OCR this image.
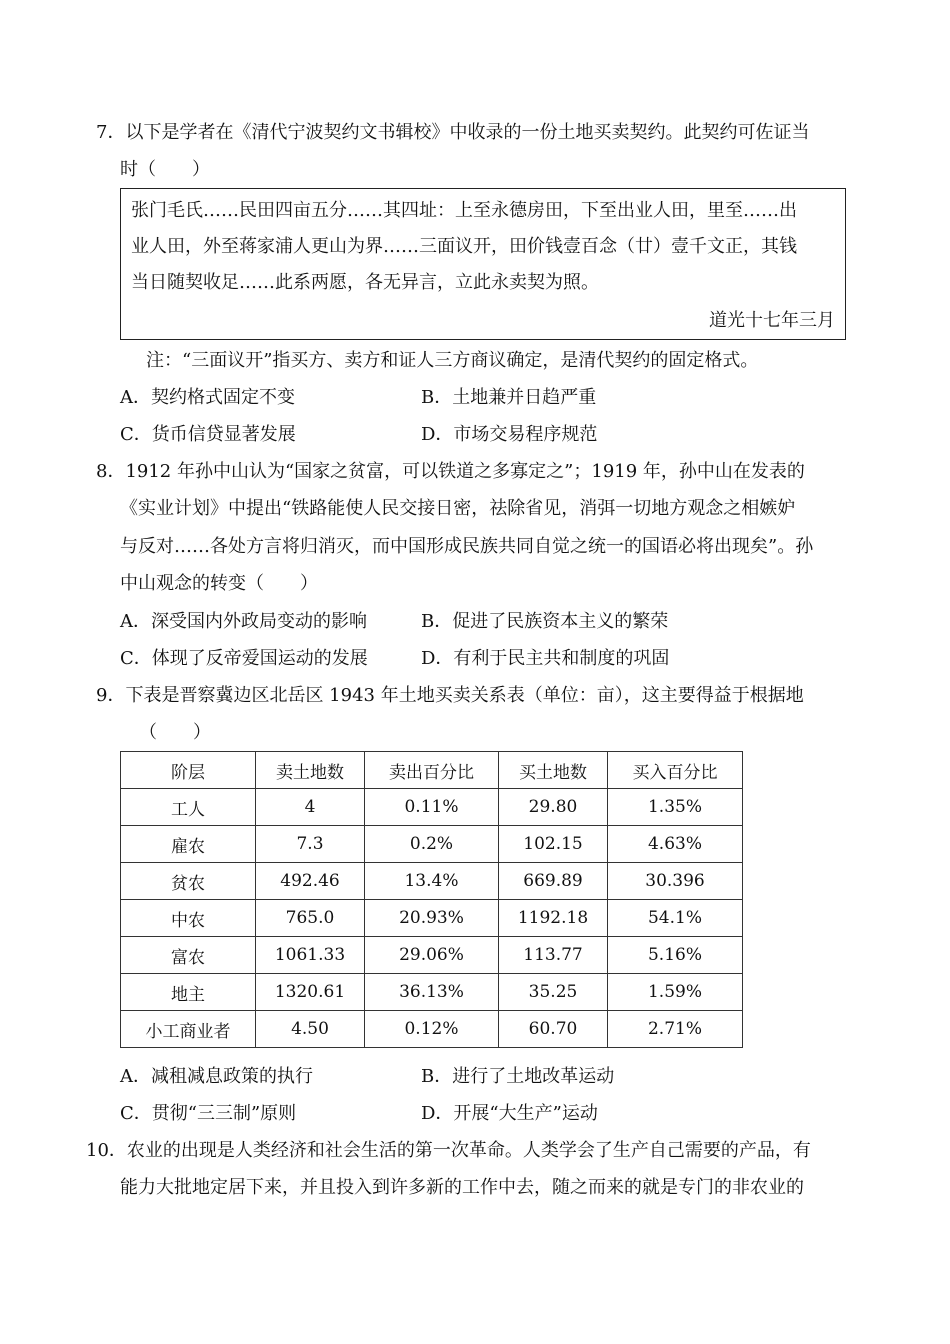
7．以下是学者在《清代宁波契约文书辑校》中收录的一份土地买卖契约。此契约可佐证当
时（　　）
张门毛氏……民田四亩五分……其四址：上至永德房田，下至出业人田，里至……出
业人田，外至蒋家浦人更山为界……三面议开，田价钱壹百念（廿）壹千文正，其钱
当日随契收足……此系两愿，各无异言，立此永卖契为照。
道光十七年三月
注：“三面议开”指买方、卖方和证人三方商议确定，是清代契约的固定格式。
A．契约格式固定不变	B．土地兼并日趋严重
C．货币信贷显著发展	D．市场交易程序规范
8．1912 年孙中山认为“国家之贫富，可以铁道之多寡定之”；1919 年，孙中山在发表的
《实业计划》中提出“铁路能使人民交接日密，祛除省见，消弭一切地方观念之相嫉妒
与反对……各处方言将归消灭，而中国形成民族共同自觉之统一的国语必将出现矣”。孙
中山观念的转变（　　）
A．深受国内外政局变动的影响	B．促进了民族资本主义的繁荣
C．体现了反帝爱国运动的发展	D．有利于民主共和制度的巩固
9．下表是晋察冀边区北岳区 1943 年土地买卖关系表（单位：亩），这主要得益于根据地
（　　）
阶层	卖土地数	卖出百分比	买土地数	买入百分比
工人	4	0.11%	29.80	1.35%
雇农	7.3	0.2%	102.15	4.63%
贫农	492.46	13.4%	669.89	30.396
中农	765.0	20.93%	1192.18	54.1%
富农	1061.33	29.06%	113.77	5.16%
地主	1320.61	36.13%	35.25	1.59%
小工商业者	4.50	0.12%	60.70	2.71%
A．减租减息政策的执行	B．进行了土地改革运动
C．贯彻“三三制”原则	D．开展“大生产”运动
10．农业的出现是人类经济和社会生活的第一次革命。人类学会了生产自己需要的产品，有
能力大批地定居下来，并且投入到许多新的工作中去，随之而来的就是专门的非农业的
